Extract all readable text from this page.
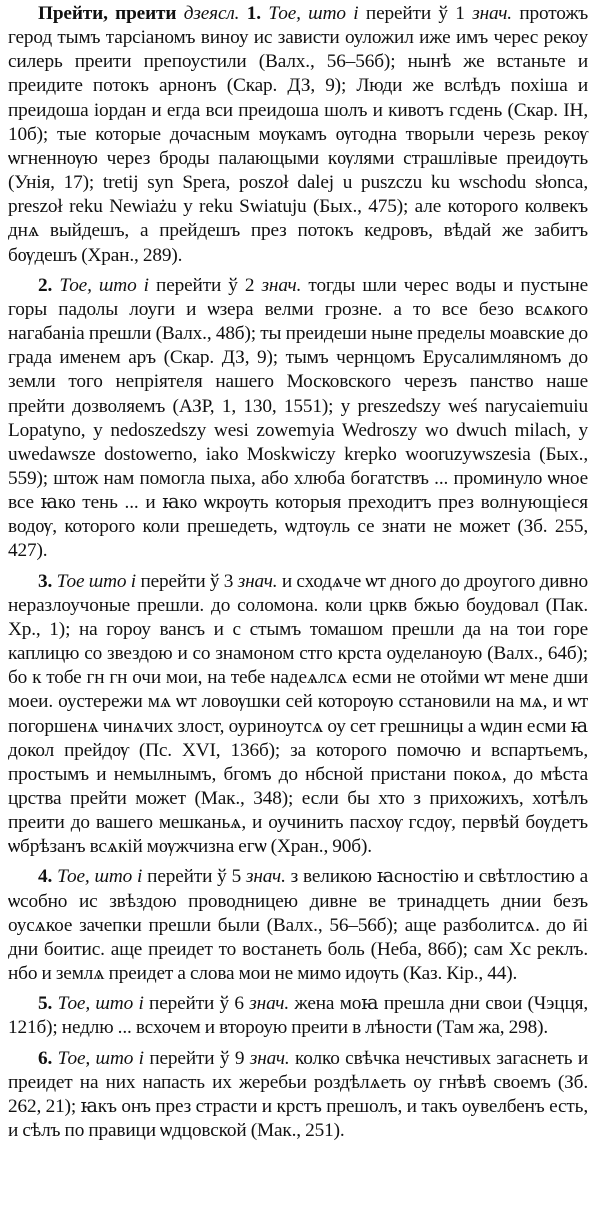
Прейти, преити дзеясл. 1. Тое, што і перейти ў 1 знач. протожъ герод тымъ тарсіаномъ виноу ис зависти оуложил иже имъ черес рекоу силерь преити препоустили (Валх., 56–56б); нынѣ же встаньте и преидите потокъ арнонъ (Скар. ДЗ, 9); Люди же вслѣдъ похіша и преидоша іордан и егда вси преидоша шолъ и кивотъ гсдень (Скар. ІН, 10б); тые которые дочасным мѹкамъ ѹгодна творыли черезь рекѹ ѡгненнѹю через броды палающыми кѹлями страшлівые преидѹть (Унія, 17); tretij syn Spera, poszoł dalej u puszczu ku wschodu słonca, preszoł reku Newiażu y reku Swiatuju (Бых., 475); але которого колвекъ днѧ выйдешъ, а прейдешъ през потокъ кедровъ, вѣдай же забитъ бѹдешъ (Хран., 289).

2. Тое, што і перейти ў 2 знач. тогды шли черес воды и пустыне горы падолы лоуги и ѡзера велми грозне. а то все безо всѧкого нагабаніа прешли (Валх., 48б); ты преидеши ныне пределы моавские до града именем аръ (Скар. ДЗ, 9); тымъ чернцомъ Ерусалимляномъ до земли того непріятеля нашего Московского черезъ панство наше прейти дозволяемъ (АЗР, 1, 130, 1551); y preszedszy weś narycaiemuiu Lopatyno, y nedoszedszy wesi zowemyia Wedroszy wo dwuch milach, y uwedawsze dostowerno, iako Moskwiczy krepko wooruzywszesia (Бых., 559); штож нам помогла пыха, або хлюба богатствъ ... проминуло ѡное все ꙗко тень ... и ꙗко ѡкрѹть которыя преходитъ през волнующіеся водѹ, которого коли прешедеть, ѡдтѹль се знати не может (Зб. 255, 427).

3. Тое што і перейти ў 3 знач. и сходѧче ѡт дного до дроугого дивно неразлоучоные прешли. до соломона. коли цркв бжью боудовал (Пак. Хр., 1); на гороу вансъ и с стымъ томашом прешли да на тои горе каплицю со звездою и со знамоном стго крста оуделаноую (Валх., 64б); бо к тобе гн гн очи мои, на тебе надеѧлсѧ есми не отойми ѡт мене дши моеи. оустережи мѧ ѡт ловѹшки сей которѹю сстановили на мѧ, и ѡт погоршенѧ чинѧчих злост, оуриноутсѧ оу сет грешницы а ѡдин есми ꙗ докол прейдѹ (Пс. XVI, 136б); за которого помочю и вспартьемъ, простымъ и немылнымъ, бгомъ до нбсной пристани покоѧ, до мѣста црства прейти может (Мак., 348); если бы хто з прихожихъ, хотѣлъ преити до вашего мешканьѧ, и оучинить пасхѹ гсдѹ, первѣй бѹдетъ ѡбрѣзанъ всѧкій мѹжчизна егѡ (Хран., 90б).

4. Тое, што і перейти ў 5 знач. з великою ꙗсностію и свѣтлостию а ѡсобно ис звѣздою проводницею дивне ве тринадцеть днии безъ оусѧкое зачепки прешли были (Валх., 56–56б); аще разболитсѧ. до ӣі дни боитис. аще преидет то востанеть боль (Неба, 86б); сам Хс реклъ. нбо и землѧ преидет а слова мои не мимо идѹть (Каз. Кір., 44).

5. Тое, што і перейти ў 6 знач. жена моꙗ прешла дни свои (Чэцця, 121б); недлю ... всхочем и второую преити в лѣности (Там жа, 298).

6. Тое, што і перейти ў 9 знач. колко свѣчка нечстивых загаснеть и преидет на них напасть их жеребьи роздѣлѧеть оу гнѣвѣ своемъ (Зб. 262, 21); ꙗкъ онъ през страсти и крстъ прешолъ, и такъ оувелбенъ есть, и сѣлъ по правици ѡдцовской (Мак., 251).
